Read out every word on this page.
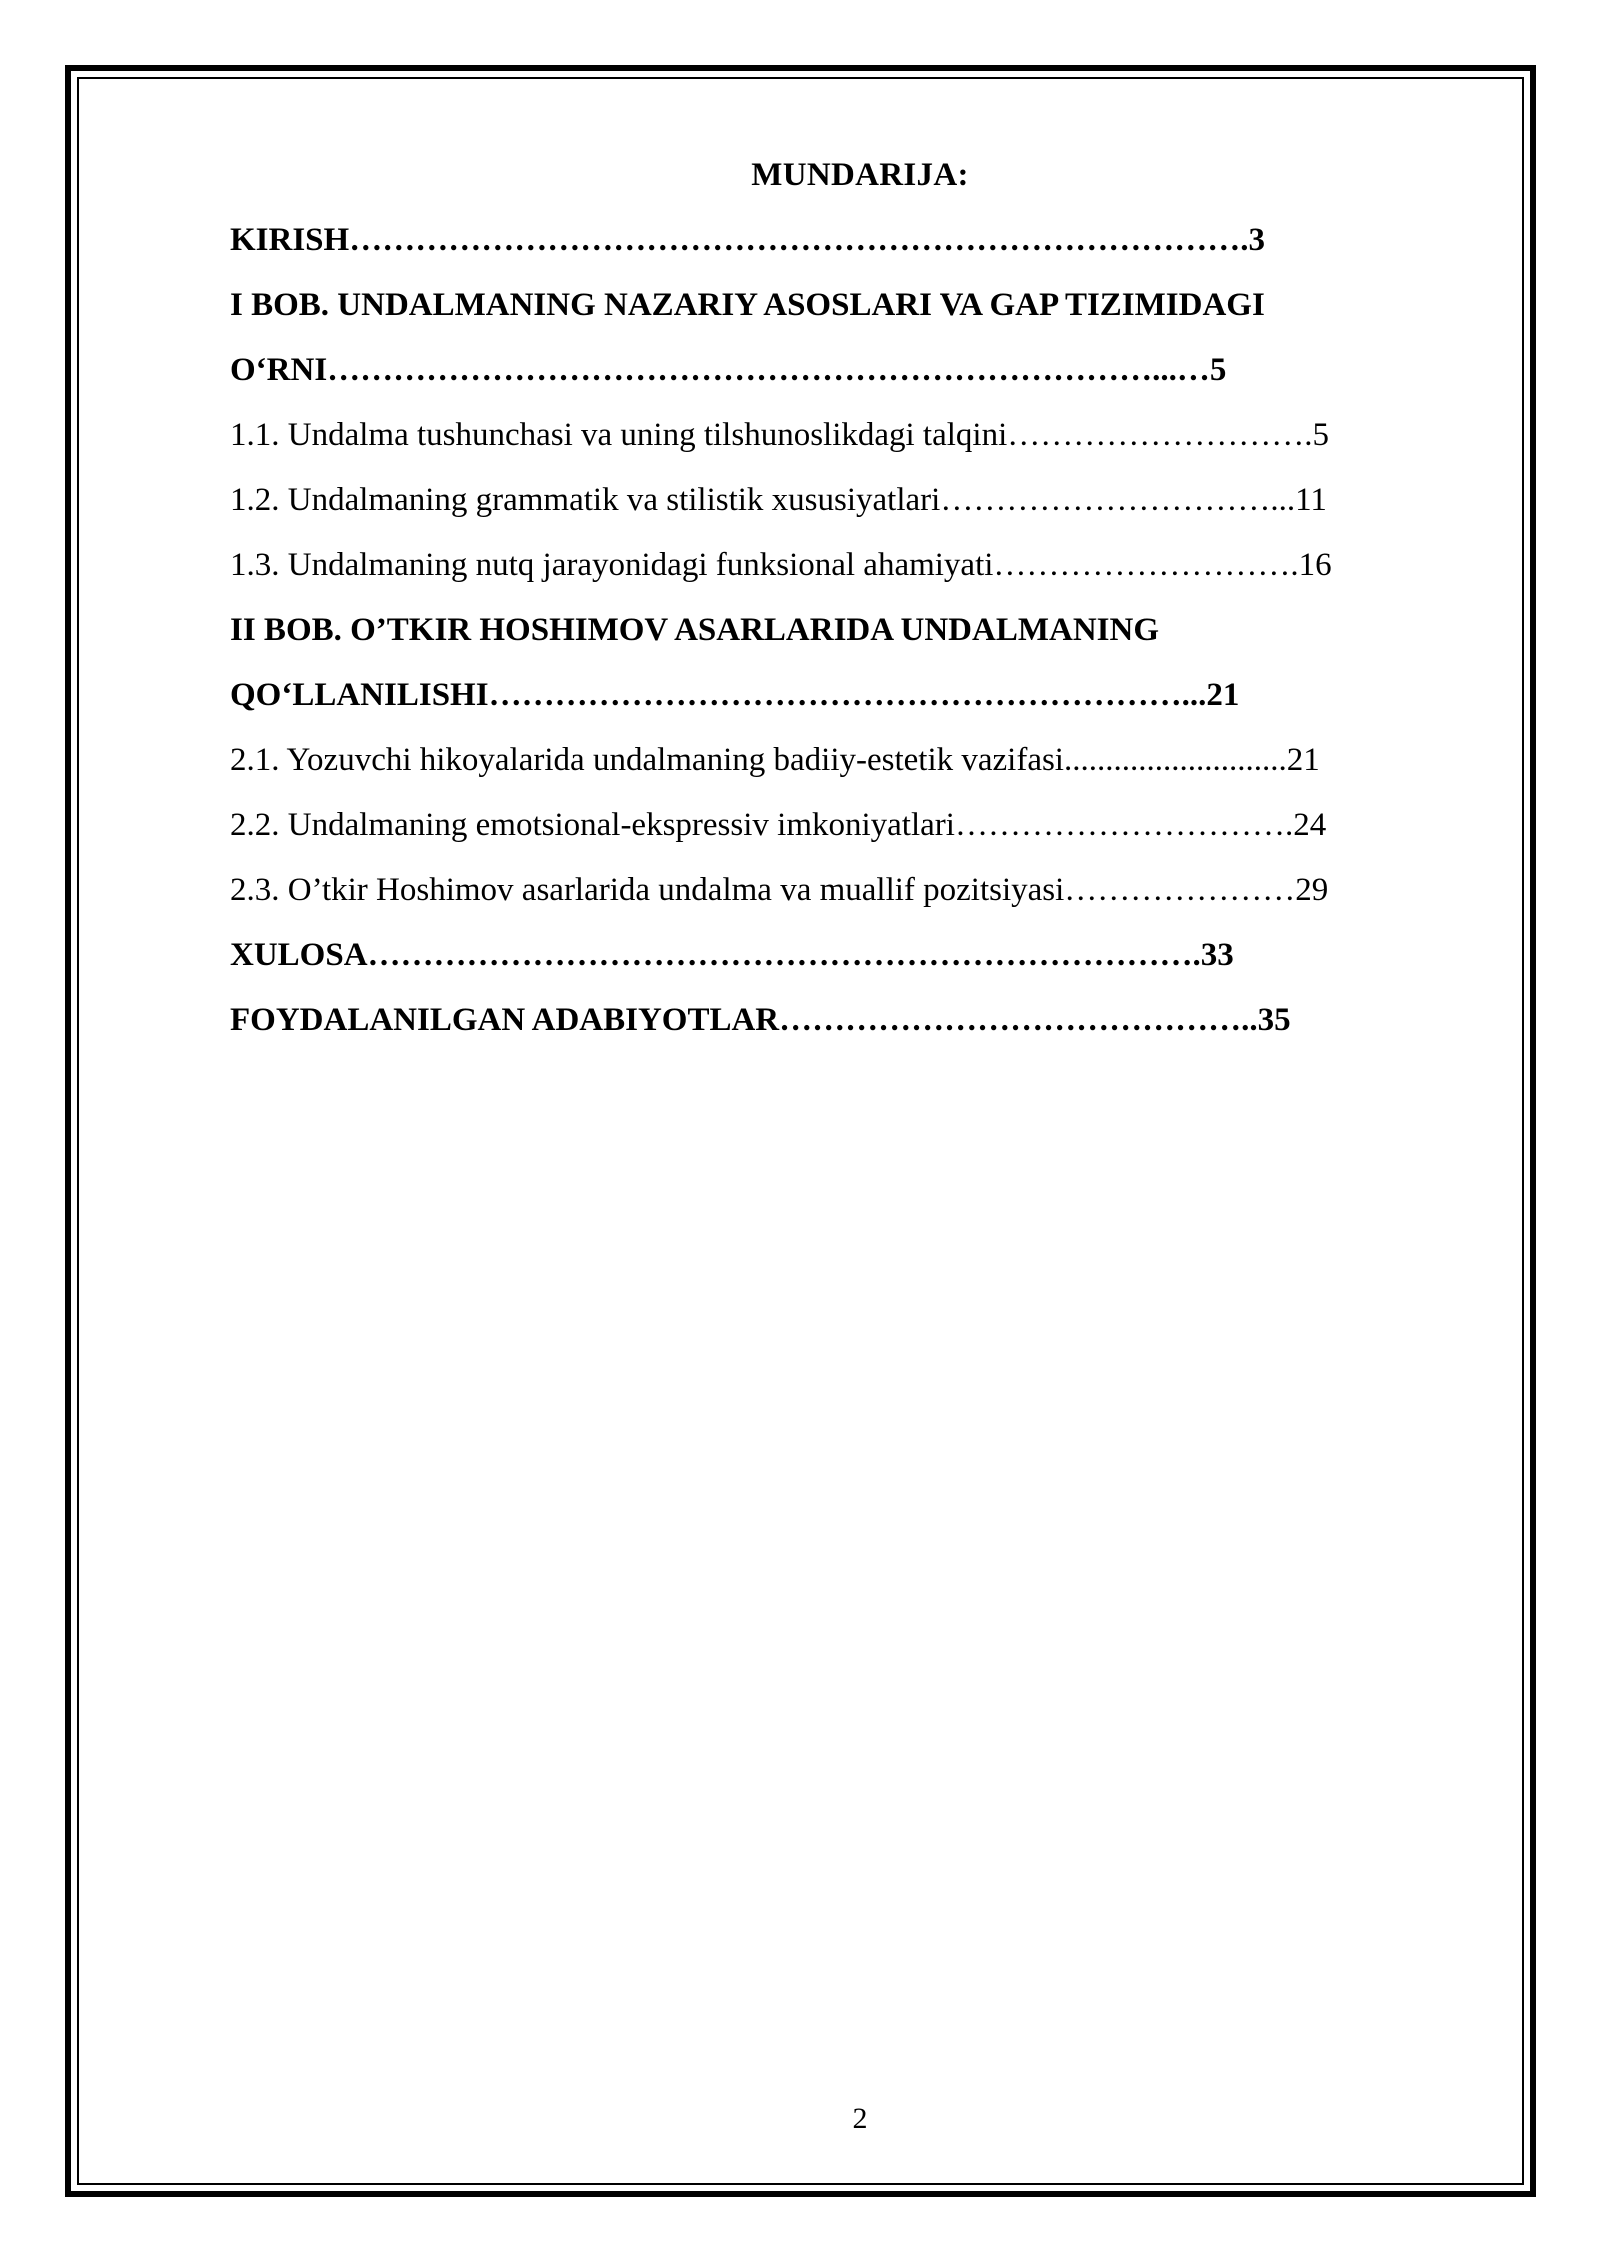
MUNDARIJA:
KIRISH……………………………………………………………………….3
I BOB. UNDALMANING NAZARIY ASOSLARI VA GAP TIZIMIDAGI
O‘RNI…………………………………………………………………...…5
1.1. Undalma tushunchasi va uning tilshunoslikdagi talqini……………………….5
1.2. Undalmaning grammatik va stilistik xususiyatlari…………………………...11
1.3. Undalmaning nutq jarayonidagi funksional ahamiyati……………………….16
II BOB. O’TKIR HOSHIMOV ASARLARIDA UNDALMANING
QO‘LLANILISHI………………………………………………………...21
2.1. Yozuvchi hikoyalarida undalmaning badiiy-estetik vazifasi...........................21
2.2. Undalmaning emotsional-ekspressiv imkoniyatlari………………………….24
2.3. O’tkir Hoshimov asarlarida undalma va muallif pozitsiyasi…………………29
XULOSA………………………………………………………………….33
FOYDALANILGAN ADABIYOTLAR……………………………………..35
2
